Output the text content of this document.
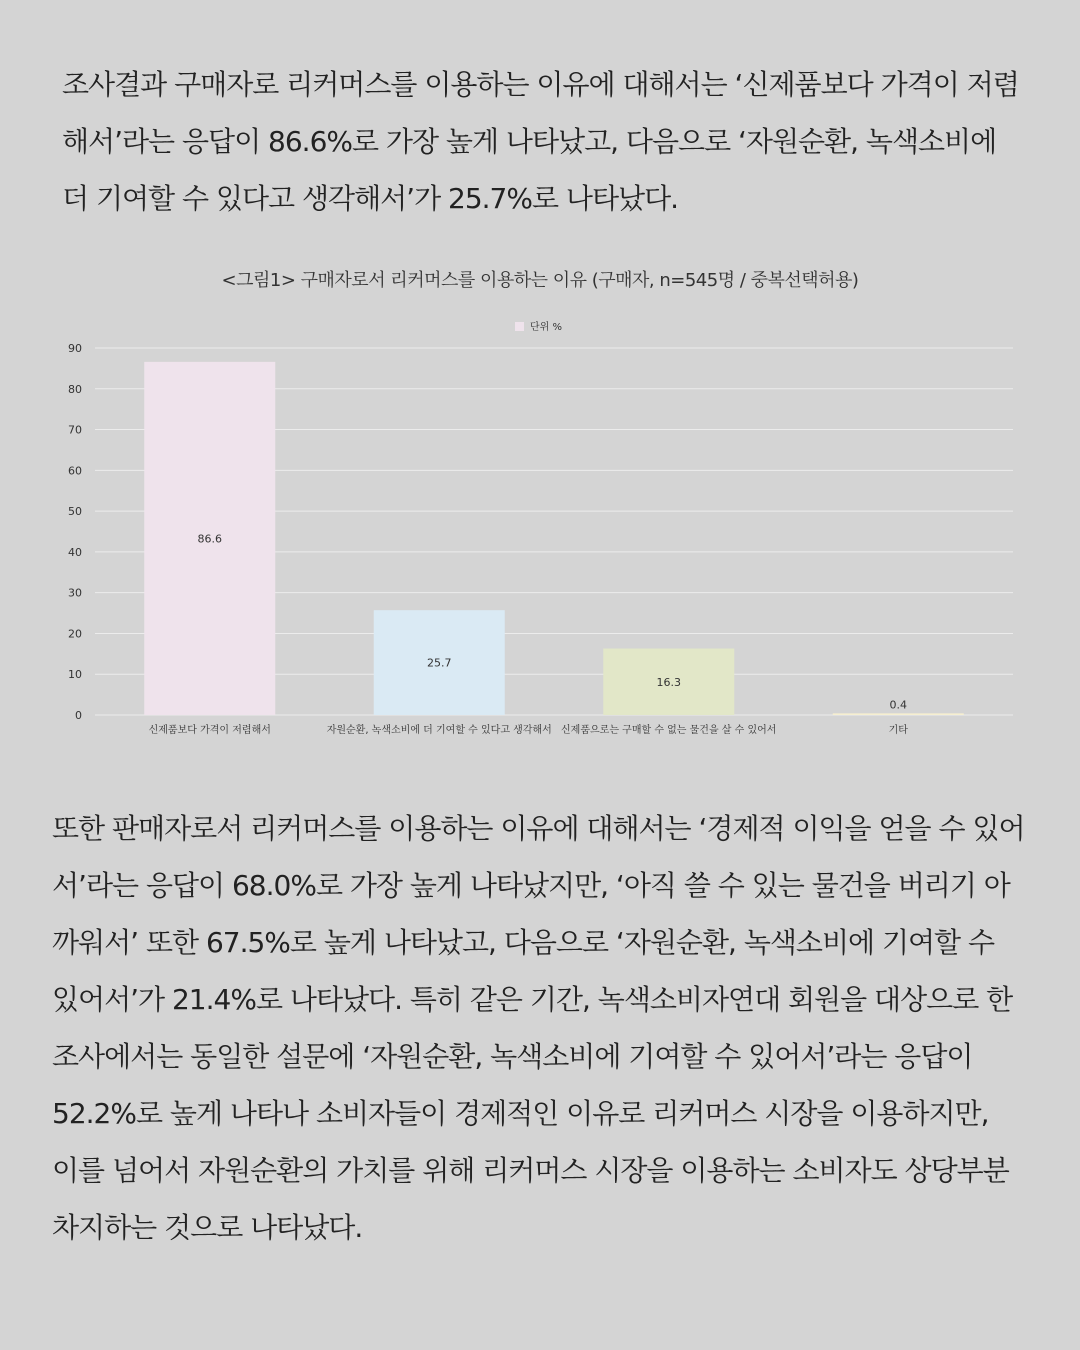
조사결과 구매자로 리커머스를 이용하는 이유에 대해서는 ‘신제품보다 가격이 저렴
해서’라는 응답이 86.6%로 가장 높게 나타났고, 다음으로 ‘자원순환, 녹색소비에
더 기여할 수 있다고 생각해서’가 25.7%로 나타났다.

<그림1> 구매자로서 리커머스를 이용하는 이유 (구매자, n=545명 / 중복선택허용)
0
10
20
30
40
50
60
70
80
90
단위 %
86.6
신제품보다 가격이 저렴해서
25.7
자원순환, 녹색소비에 더 기여할 수 있다고 생각해서
16.3
신제품으로는 구매할 수 없는 물건을 살 수 있어서
0.4
기타

또한 판매자로서 리커머스를 이용하는 이유에 대해서는 ‘경제적 이익을 얻을 수 있어
서’라는 응답이 68.0%로 가장 높게 나타났지만, ‘아직 쓸 수 있는 물건을 버리기 아
까워서’ 또한 67.5%로 높게 나타났고, 다음으로 ‘자원순환, 녹색소비에 기여할 수
있어서’가 21.4%로 나타났다. 특히 같은 기간, 녹색소비자연대 회원을 대상으로 한
조사에서는 동일한 설문에 ‘자원순환, 녹색소비에 기여할 수 있어서’라는 응답이
52.2%로 높게 나타나 소비자들이 경제적인 이유로 리커머스 시장을 이용하지만,
이를 넘어서 자원순환의 가치를 위해 리커머스 시장을 이용하는 소비자도 상당부분
차지하는 것으로 나타났다.
